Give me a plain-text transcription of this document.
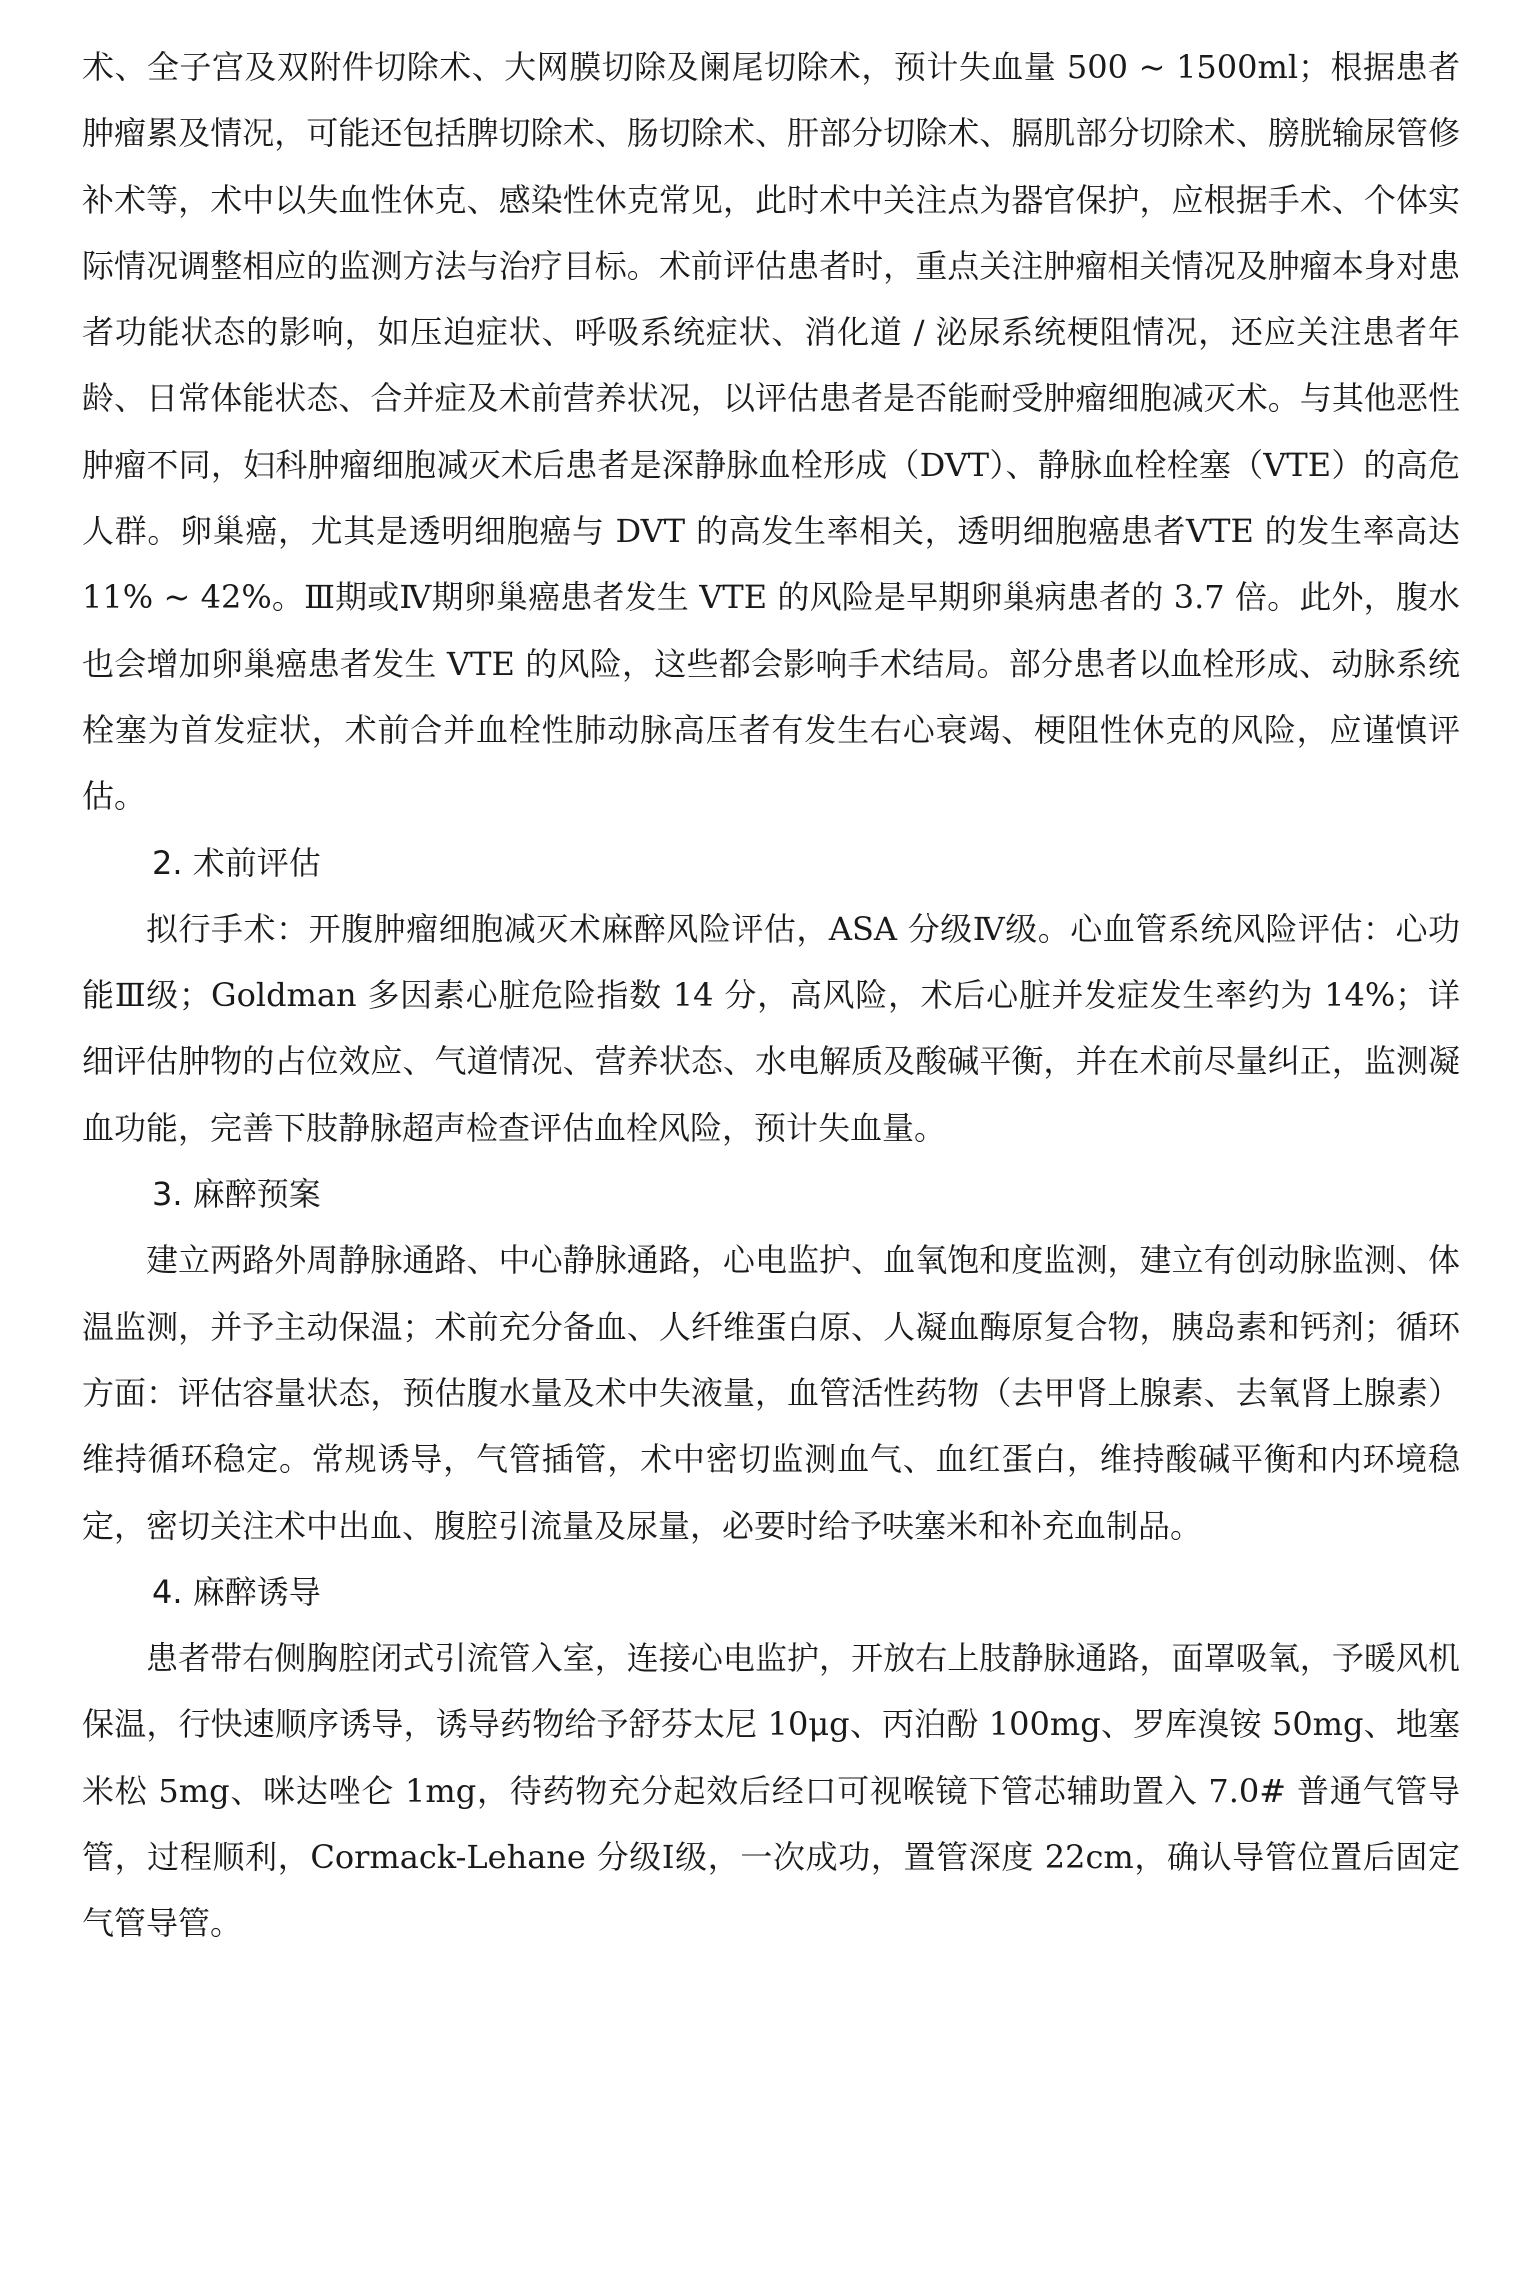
术、全子宫及双附件切除术、大网膜切除及阑尾切除术，预计失血量 500 ~ 1500ml；根据患者肿瘤累及情况，可能还包括脾切除术、肠切除术、肝部分切除术、膈肌部分切除术、膀胱输尿管修补术等，术中以失血性休克、感染性休克常见，此时术中关注点为器官保护，应根据手术、个体实际情况调整相应的监测方法与治疗目标。术前评估患者时，重点关注肿瘤相关情况及肿瘤本身对患者功能状态的影响，如压迫症状、呼吸系统症状、消化道 / 泌尿系统梗阻情况，还应关注患者年龄、日常体能状态、合并症及术前营养状况，以评估患者是否能耐受肿瘤细胞减灭术。与其他恶性肿瘤不同，妇科肿瘤细胞减灭术后患者是深静脉血栓形成（DVT）、静脉血栓栓塞（VTE）的高危人群。卵巢癌，尤其是透明细胞癌与 DVT 的高发生率相关，透明细胞癌患者VTE 的发生率高达 11% ~ 42%。Ⅲ期或Ⅳ期卵巢癌患者发生 VTE 的风险是早期卵巢病患者的 3.7 倍。此外，腹水也会增加卵巢癌患者发生 VTE 的风险，这些都会影响手术结局。部分患者以血栓形成、动脉系统栓塞为首发症状，术前合并血栓性肺动脉高压者有发生右心衰竭、梗阻性休克的风险，应谨慎评估。

2. 术前评估

拟行手术：开腹肿瘤细胞减灭术麻醉风险评估，ASA 分级Ⅳ级。心血管系统风险评估：心功能Ⅲ级；Goldman 多因素心脏危险指数 14 分，高风险，术后心脏并发症发生率约为 14%；详细评估肿物的占位效应、气道情况、营养状态、水电解质及酸碱平衡，并在术前尽量纠正，监测凝血功能，完善下肢静脉超声检查评估血栓风险，预计失血量。

3. 麻醉预案

建立两路外周静脉通路、中心静脉通路，心电监护、血氧饱和度监测，建立有创动脉监测、体温监测，并予主动保温；术前充分备血、人纤维蛋白原、人凝血酶原复合物，胰岛素和钙剂；循环方面：评估容量状态，预估腹水量及术中失液量，血管活性药物（去甲肾上腺素、去氧肾上腺素）维持循环稳定。常规诱导，气管插管，术中密切监测血气、血红蛋白，维持酸碱平衡和内环境稳定，密切关注术中出血、腹腔引流量及尿量，必要时给予呋塞米和补充血制品。

4. 麻醉诱导

患者带右侧胸腔闭式引流管入室，连接心电监护，开放右上肢静脉通路，面罩吸氧，予暖风机保温，行快速顺序诱导，诱导药物给予舒芬太尼 10μg、丙泊酚 100mg、罗库溴铵 50mg、地塞米松 5mg、咪达唑仑 1mg，待药物充分起效后经口可视喉镜下管芯辅助置入 7.0# 普通气管导管，过程顺利，Cormack-Lehane 分级Ⅰ级，一次成功，置管深度 22cm，确认导管位置后固定气管导管。
